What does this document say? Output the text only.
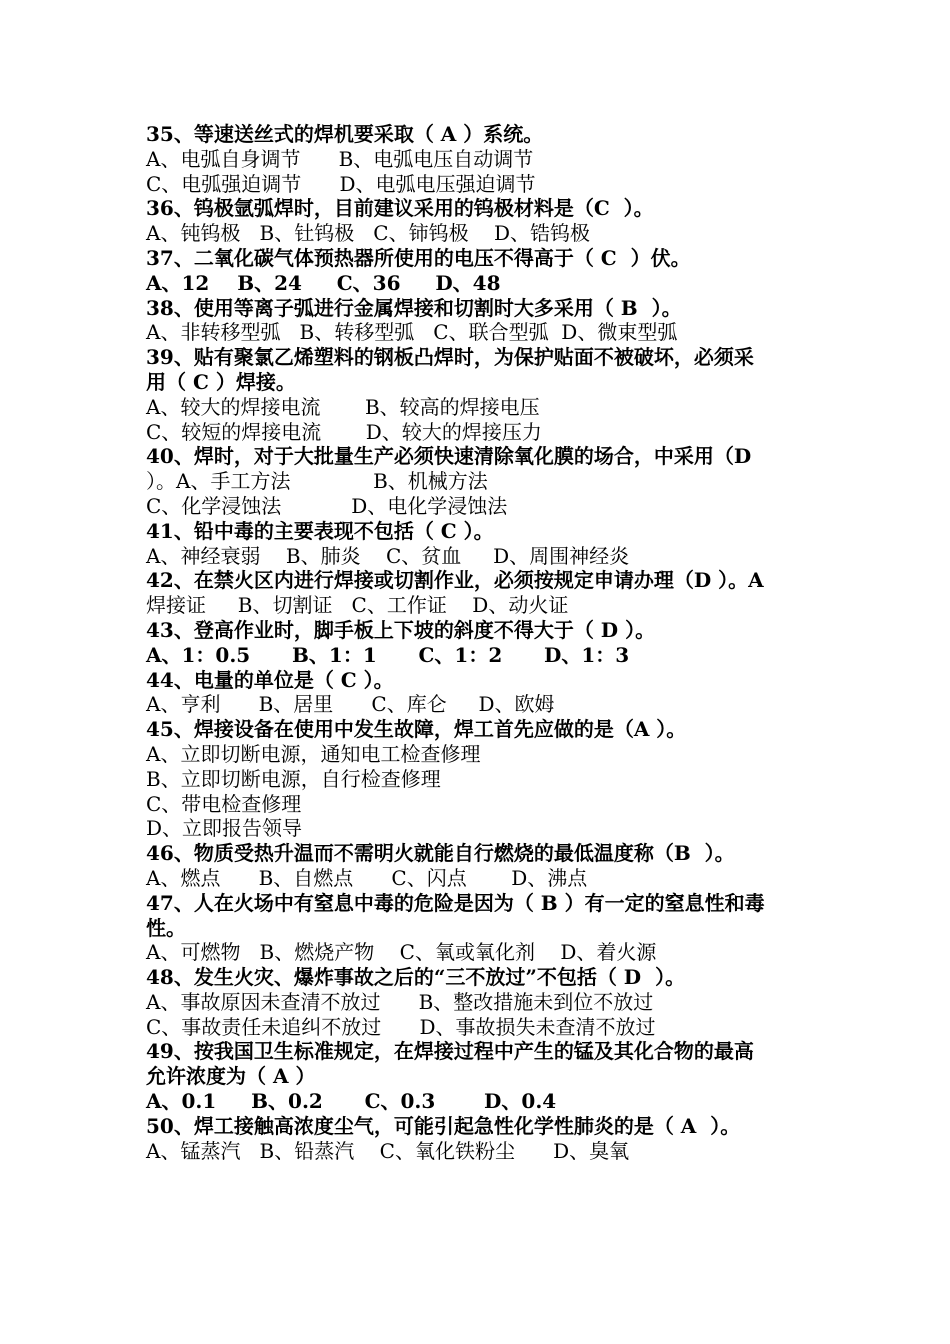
35、等速送丝式的焊机要采取（ A ）系统。
A、电弧自身调节      B、电弧电压自动调节
C、电弧强迫调节      D、电弧电压强迫调节
36、钨极氩弧焊时，目前建议采用的钨极材料是（C  ）。
A、钝钨极   B、钍钨极   C、铈钨极    D、锆钨极
37、二氧化碳气体预热器所使用的电压不得高于（ C  ）伏。
A、12    B、24     C、36     D、48
38、使用等离子弧进行金属焊接和切割时大多采用（ B  ）。
A、非转移型弧   B、转移型弧   C、联合型弧  D、微束型弧
39、贴有聚氯乙烯塑料的钢板凸焊时，为保护贴面不被破坏，必须采
用（ C ）焊接。
A、较大的焊接电流       B、较高的焊接电压
C、较短的焊接电流       D、较大的焊接压力
40、焊时，对于大批量生产必须快速清除氧化膜的场合，中采用（D
）。A、手工方法             B、机械方法
C、化学浸蚀法           D、电化学浸蚀法
41、铅中毒的主要表现不包括（ C ）。
A、神经衰弱    B、肺炎    C、贫血     D、周围神经炎
42、在禁火区内进行焊接或切割作业，必须按规定申请办理（D ）。A
焊接证     B、切割证   C、工作证    D、动火证
43、登高作业时，脚手板上下坡的斜度不得大于（ D ）。
A、1：0.5      B、1：1      C、1：2      D、1：3
44、电量的单位是（ C ）。
A、亨利      B、居里      C、库仑     D、欧姆
45、焊接设备在使用中发生故障，焊工首先应做的是（A ）。
A、立即切断电源，通知电工检查修理
B、立即切断电源，自行检查修理
C、带电检查修理
D、立即报告领导
46、物质受热升温而不需明火就能自行燃烧的最低温度称（B  ）。
A、燃点      B、自燃点      C、闪点       D、沸点
47、人在火场中有窒息中毒的危险是因为（ B ）有一定的窒息性和毒
性。
A、可燃物   B、燃烧产物    C、氧或氧化剂    D、着火源
48、发生火灾、爆炸事故之后的“三不放过”不包括（ D  ）。
A、事故原因未查清不放过      B、整改措施未到位不放过
C、事故责任未追纠不放过      D、事故损失未查清不放过
49、按我国卫生标准规定，在焊接过程中产生的锰及其化合物的最高
允许浓度为（ A ）
A、0.1     B、0.2      C、0.3       D、0.4
50、焊工接触高浓度尘气，可能引起急性化学性肺炎的是（ A  ）。
A、锰蒸汽   B、铅蒸汽    C、氧化铁粉尘      D、臭氧
